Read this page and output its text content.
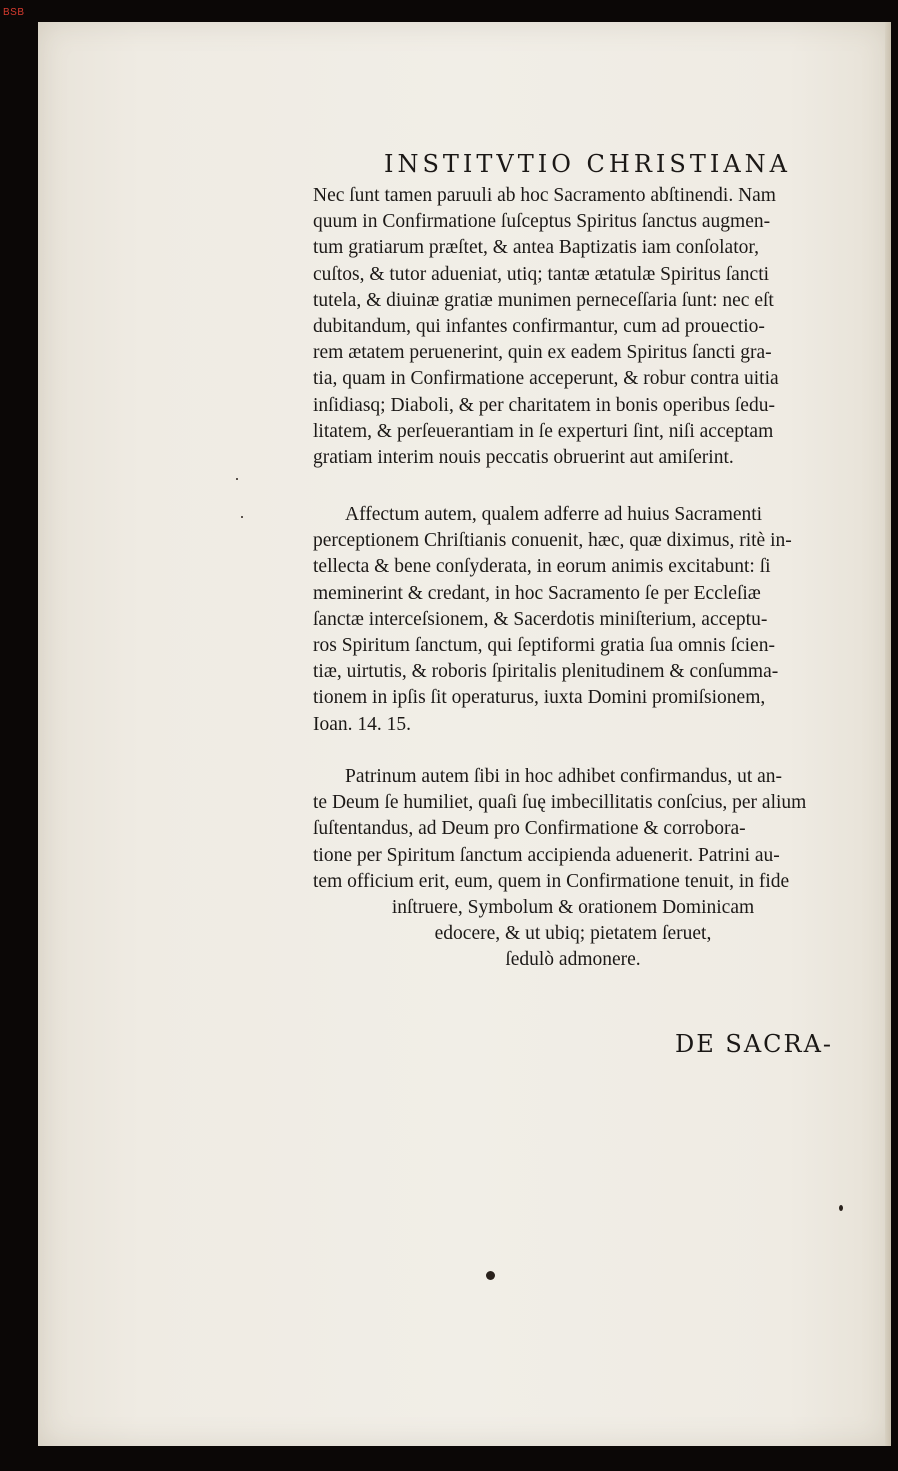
BSB
INSTITVTIO CHRISTIANA

Nec ſunt tamen paruuli ab hoc Sacramento abſtinendi. Nam
quum in Confirmatione ſuſceptus Spiritus ſanctus augmen-
tum gratiarum præſtet, & antea Baptizatis iam conſolator,
cuſtos, & tutor adueniat, utiq; tantæ ætatulæ Spiritus ſancti
tutela, & diuinæ gratiæ munimen perneceſſaria ſunt: nec eſt
dubitandum, qui infantes confirmantur, cum ad prouectio-
rem ætatem peruenerint, quin ex eadem Spiritus ſancti gra-
tia, quam in Confirmatione acceperunt, & robur contra uitia
inſidiasq; Diaboli, & per charitatem in bonis operibus ſedu-
litatem, & perſeuerantiam in ſe experturi ſint, niſi acceptam
gratiam interim nouis peccatis obruerint aut amiſerint.

Affectum autem, qualem adferre ad huius Sacramenti
perceptionem Chriſtianis conuenit, hæc, quæ diximus, ritè in-
tellecta & bene conſyderata, in eorum animis excitabunt: ſi
meminerint & credant, in hoc Sacramento ſe per Eccleſiæ
ſanctæ interceſsionem, & Sacerdotis miniſterium, acceptu-
ros Spiritum ſanctum, qui ſeptiformi gratia ſua omnis ſcien-
tiæ, uirtutis, & roboris ſpiritalis plenitudinem & conſumma-
tionem in ipſis ſit operaturus, iuxta Domini promiſsionem,
Ioan. 14. 15.

Patrinum autem ſibi in hoc adhibet confirmandus, ut an-
te Deum ſe humiliet, quaſi ſuę imbecillitatis conſcius, per alium
ſuſtentandus, ad Deum pro Confirmatione & corrobora-
tione per Spiritum ſanctum accipienda aduenerit. Patrini au-
tem officium erit, eum, quem in Confirmatione tenuit, in fide
inſtruere, Symbolum & orationem Dominicam
edocere, & ut ubiq; pietatem ſeruet,
ſedulò admonere.

DE SACRA-
